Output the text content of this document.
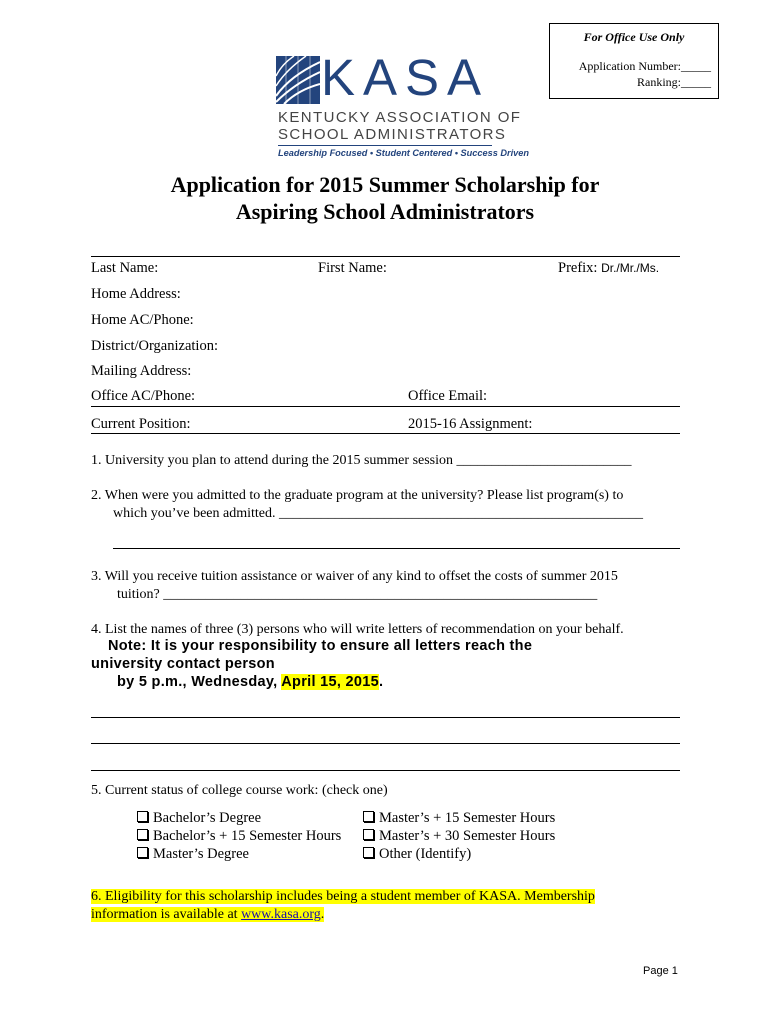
For Office Use Only
Application Number:_____
Ranking:_____
KASA
KENTUCKY ASSOCIATION OF
SCHOOL ADMINISTRATORS
Leadership Focused • Student Centered • Success Driven
Application for 2015 Summer Scholarship for
Aspiring School Administrators
Last Name:	First Name:	Prefix: Dr./Mr./Ms.
Home Address:
Home AC/Phone:
District/Organization:
Mailing Address:
Office AC/Phone:	Office Email:
Current Position:	2015-16 Assignment:
1. University you plan to attend during the 2015 summer session _________________________
2. When were you admitted to the graduate program at the university? Please list program(s) to
which you’ve been admitted. ____________________________________________________
3. Will you receive tuition assistance or waiver of any kind to offset the costs of summer 2015
tuition? ______________________________________________________________
4. List the names of three (3) persons who will write letters of recommendation on your behalf.
Note: It is your responsibility to ensure all letters reach the
university contact person
by 5 p.m., Wednesday, April 15, 2015.
5. Current status of college course work: (check one)
Bachelor’s Degree
Bachelor’s + 15 Semester Hours
Master’s Degree
Master’s + 15 Semester Hours
Master’s + 30 Semester Hours
Other (Identify)
6. Eligibility for this scholarship includes being a student member of KASA. Membership
information is available at www.kasa.org.
Page 1
